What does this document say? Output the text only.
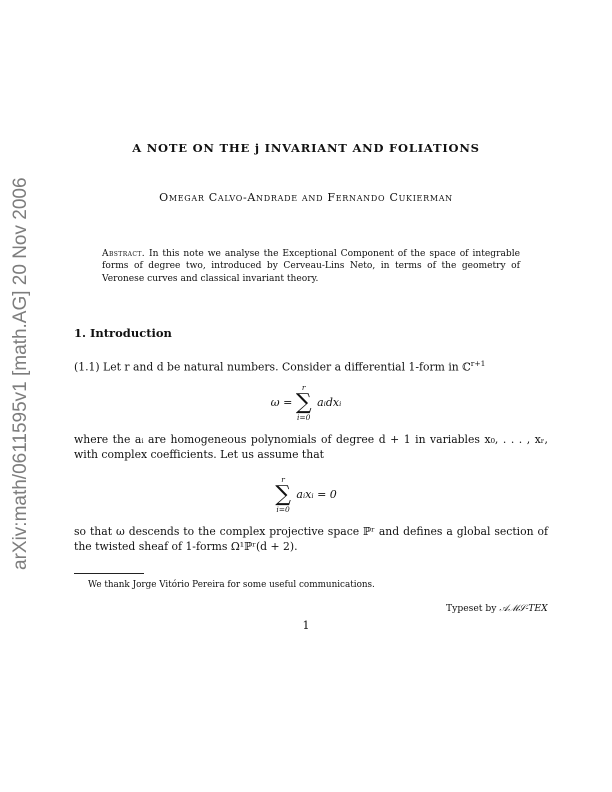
arXiv:math/0611595v1 [math.AG] 20 Nov 2006
A NOTE ON THE j INVARIANT AND FOLIATIONS
Omegar Calvo-Andrade and Fernando Cukierman
Abstract. In this note we analyse the Exceptional Component of the space of integrable forms of degree two, introduced by Cerveau-Lins Neto, in terms of the geometry of Veronese curves and classical invariant theory.
1. Introduction
(1.1) Let r and d be natural numbers. Consider a differential 1-form in ℂ$^{r+1}$
ω =
r
∑
i=0
aᵢdxᵢ
where the aᵢ are homogeneous polynomials of degree d + 1 in variables x₀, . . . , xᵣ, with complex coefficients. Let us assume that
r
∑
i=0
aᵢxᵢ = 0
so that ω descends to the complex projective space ℙʳ and defines a global section of the twisted sheaf of 1-forms Ω¹ℙʳ(d + 2).
We thank Jorge Vitório Pereira for some useful communications.
Typeset by 𝒜ℳ𝒮-TEX
1
